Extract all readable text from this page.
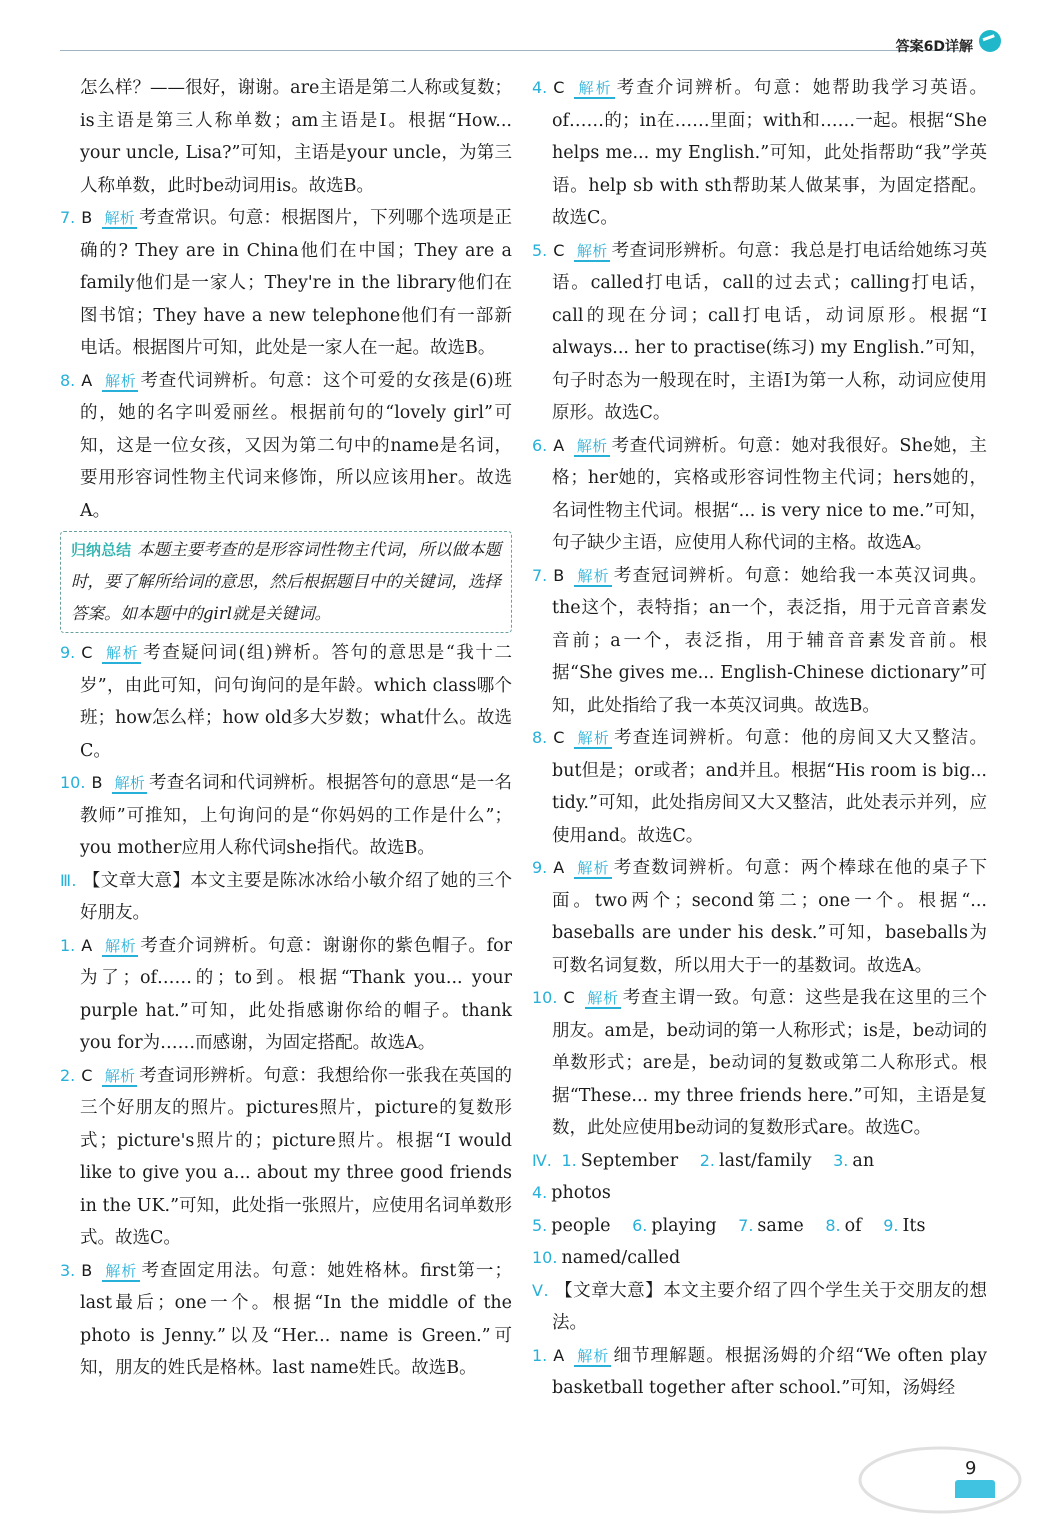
答案6D详解

怎么样？——很好，谢谢。are主语是第二人称或复数；is主语是第三人称单数；am主语是I。根据“How... your uncle, Lisa?”可知，主语是your uncle，为第三人称单数，此时be动词用is。故选B。

7. B 解析 考查常识。句意：根据图片，下列哪个选项是正确的? They are in China他们在中国；They are a family他们是一家人；They're in the library他们在图书馆；They have a new telephone他们有一部新电话。根据图片可知，此处是一家人在一起。故选B。

8. A 解析 考查代词辨析。句意：这个可爱的女孩是(6)班的，她的名字叫爱丽丝。根据前句的“lovely girl”可知，这是一位女孩，又因为第二句中的name是名词，要用形容词性物主代词来修饰，所以应该用her。故选A。

归纳总结 本题主要考查的是形容词性物主代词，所以做本题时，要了解所给词的意思，然后根据题目中的关键词，选择答案。如本题中的girl就是关键词。

9. C 解析 考查疑问词(组)辨析。答句的意思是“我十二岁”，由此可知，问句询问的是年龄。which class哪个班；how怎么样；how old多大岁数；what什么。故选C。

10. B 解析 考查名词和代词辨析。根据答句的意思“是一名教师”可推知，上句询问的是“你妈妈的工作是什么”；you mother应用人称代词she指代。故选B。

Ⅲ. 【文章大意】本文主要是陈冰冰给小敏介绍了她的三个好朋友。

1. A 解析 考查介词辨析。句意：谢谢你的紫色帽子。for为了；of……的；to到。根据“Thank you... your purple hat.”可知，此处指感谢你给的帽子。thank you for为……而感谢，为固定搭配。故选A。

2. C 解析 考查词形辨析。句意：我想给你一张我在英国的三个好朋友的照片。pictures照片，picture的复数形式；picture's照片的；picture照片。根据“I would like to give you a... about my three good friends in the UK.”可知，此处指一张照片，应使用名词单数形式。故选C。

3. B 解析 考查固定用法。句意：她姓格林。first第一；last最后；one一个。根据“In the middle of the photo is Jenny.”以及“Her... name is Green.”可知，朋友的姓氏是格林。last name姓氏。故选B。

4. C 解析 考查介词辨析。句意：她帮助我学习英语。of……的；in在……里面；with和……一起。根据“She helps me... my English.”可知，此处指帮助“我”学英语。help sb with sth帮助某人做某事，为固定搭配。故选C。

5. C 解析 考查词形辨析。句意：我总是打电话给她练习英语。called打电话，call的过去式；calling打电话，call的现在分词；call打电话，动词原形。根据“I always... her to practise(练习) my English.”可知，句子时态为一般现在时，主语I为第一人称，动词应使用原形。故选C。

6. A 解析 考查代词辨析。句意：她对我很好。She她，主格；her她的，宾格或形容词性物主代词；hers她的，名词性物主代词。根据“... is very nice to me.”可知，句子缺少主语，应使用人称代词的主格。故选A。

7. B 解析 考查冠词辨析。句意：她给我一本英汉词典。the这个，表特指；an一个，表泛指，用于元音音素发音前；a一个，表泛指，用于辅音音素发音前。根据“She gives me... English-Chinese dictionary”可知，此处指给了我一本英汉词典。故选B。

8. C 解析 考查连词辨析。句意：他的房间又大又整洁。but但是；or或者；and并且。根据“His room is big... tidy.”可知，此处指房间又大又整洁，此处表示并列，应使用and。故选C。

9. A 解析 考查数词辨析。句意：两个棒球在他的桌子下面。two两个；second第二；one一个。根据“... baseballs are under his desk.”可知，baseballs为可数名词复数，所以用大于一的基数词。故选A。

10. C 解析 考查主谓一致。句意：这些是我在这里的三个朋友。am是，be动词的第一人称形式；is是，be动词的单数形式；are是，be动词的复数或第二人称形式。根据“These... my three friends here.”可知，主语是复数，此处应使用be动词的复数形式are。故选C。

Ⅳ. 1. September 2. last/family 3. an 4. photos
5. people 6. playing 7. same 8. of 9. Its
10. named/called

Ⅴ. 【文章大意】本文主要介绍了四个学生关于交朋友的想法。

1. A 解析 细节理解题。根据汤姆的介绍“We often play basketball together after school.”可知，汤姆经

9
